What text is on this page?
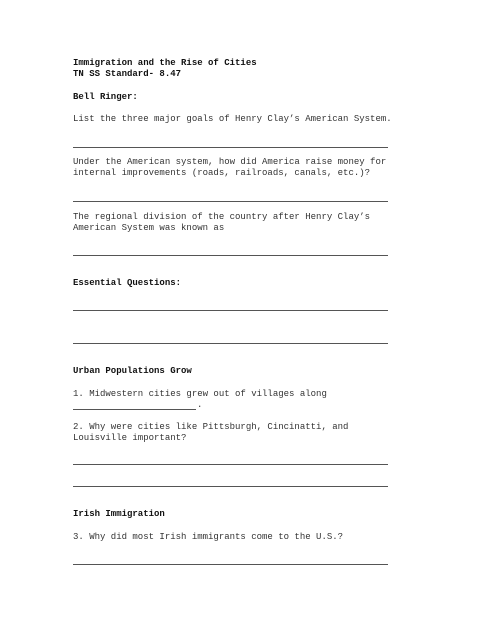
Immigration and the Rise of Cities

TN SS Standard- 8.47

Bell Ringer:

List the three major goals of Henry Clay’s American System.

Under the American system, how did America raise money for

internal improvements (roads, railroads, canals, etc.)?

The regional division of the country after Henry Clay’s

American System was known as

Essential Questions:

Urban Populations Grow

1. Midwestern cities grew out of villages along

.

2. Why were cities like Pittsburgh, Cincinatti, and

Louisville important?

Irish Immigration

3. Why did most Irish immigrants come to the U.S.?
